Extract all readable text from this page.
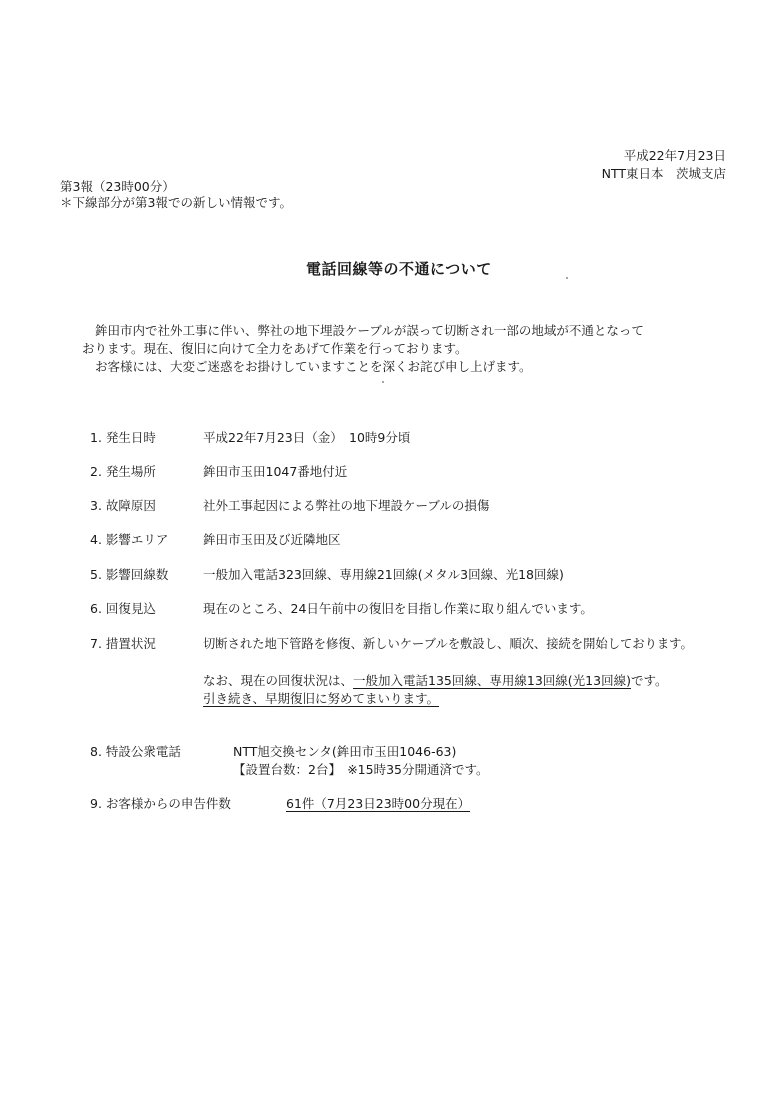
平成22年7月23日
NTT東日本　茨城支店
第3報（23時00分）
＊下線部分が第3報での新しい情報です。
電話回線等の不通について
鉾田市内で社外工事に伴い、弊社の地下埋設ケーブルが誤って切断され一部の地域が不通となって
おります。現在、復旧に向けて全力をあげて作業を行っております。
お客様には、大変ご迷惑をお掛けしていますことを深くお詫び申し上げます。
1. 発生日時	平成22年7月23日（金）　10時9分頃
2. 発生場所	鉾田市玉田1047番地付近
3. 故障原因	社外工事起因による弊社の地下埋設ケーブルの損傷
4. 影響エリア	鉾田市玉田及び近隣地区
5. 影響回線数	一般加入電話323回線、専用線21回線(メタル3回線、光18回線)
6. 回復見込	現在のところ、24日午前中の復旧を目指し作業に取り組んでいます。
7. 措置状況	切断された地下管路を修復、新しいケーブルを敷設し、順次、接続を開始しております。
なお、現在の回復状況は、一般加入電話135回線、専用線13回線(光13回線)です。
引き続き、早期復旧に努めてまいります。
8. 特設公衆電話	NTT旭交換センタ(鉾田市玉田1046-63)
【設置台数：2台】　※15時35分開通済です。
9. お客様からの申告件数	61件（7月23日23時00分現在）
